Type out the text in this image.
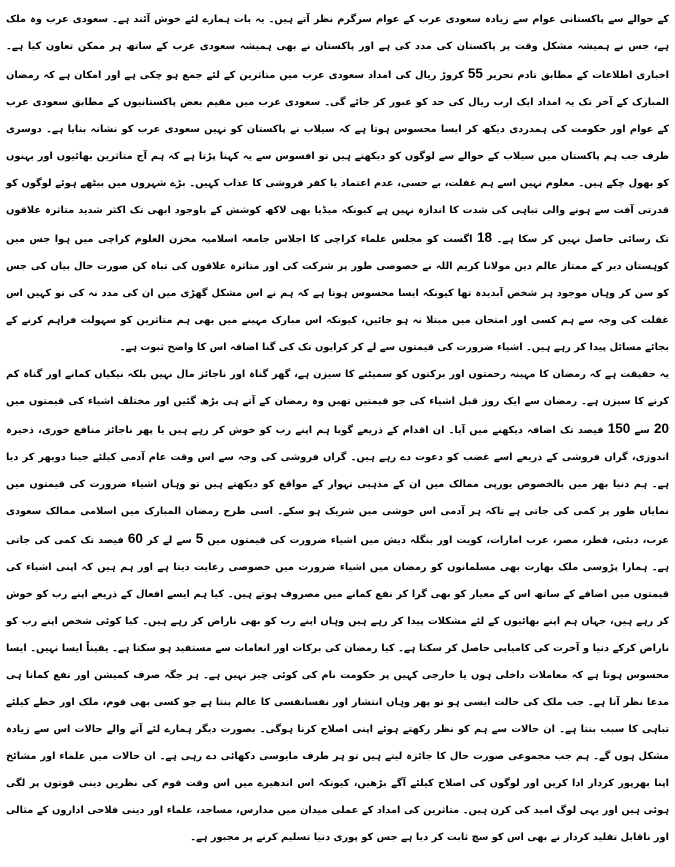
کے حوالے سے پاکستانی عوام سے زیادہ سعودی عرب کے عوام سرگرم نظر آتے ہیں۔ یہ بات ہمارے لئے خوش آئند ہے۔ سعودی عرب وہ ملک ہے، جس نے ہمیشہ مشکل وقت پر پاکستان کی مدد کی ہے اور پاکستان نے بھی ہمیشہ سعودی عرب کے ساتھ ہر ممکن تعاون کیا ہے۔ اخباری اطلاعات کے مطابق تادم تحریر 55 کروڑ ریال کی امداد سعودی عرب میں متاثرین کے لئے جمع ہو چکی ہے اور امکان ہے کہ رمضان المبارک کے آخر تک یہ امداد ایک ارب ریال کی حد کو عبور کر جائے گی۔ سعودی عرب میں مقیم بعض پاکستانیوں کے مطابق سعودی عرب کے عوام اور حکومت کی ہمدردی دیکھ کر ایسا محسوس ہوتا ہے کہ سیلاب نے پاکستان کو نہیں سعودی عرب کو نشانہ بنایا ہے۔ دوسری طرف جب ہم پاکستان میں سیلاب کے حوالے سے لوگوں کو دیکھتے ہیں تو افسوس سے یہ کہنا پڑتا ہے کہ ہم آج متاثرین بھائیوں اور بہنوں کو بھول چکے ہیں۔ معلوم نہیں اسے ہم غفلت، بے حسی، عدم اعتماد یا کفر فروشی کا عذاب کہیں۔ بڑے شہروں میں بیٹھے ہوئے لوگوں کو قدرتی آفت سے ہونے والی تباہی کی شدت کا اندازہ نہیں ہے کیونکہ میڈیا بھی لاکھ کوشش کے باوجود ابھی تک اکثر شدید متاثرہ علاقوں تک رسائی حاصل نہیں کر سکا ہے۔ 18 اگست کو مجلس علماء کراچی کا اجلاس جامعہ اسلامیہ مخزن العلوم کراچی میں ہوا جس میں کوہستان دیر کے ممتاز عالم دین مولانا کریم اللہ نے خصوصی طور پر شرکت کی اور متاثرہ علاقوں کی تباہ کن صورت حال بیان کی جس کو سن کر وہاں موجود ہر شخص آبدیدہ تھا کیونکہ ایسا محسوس ہوتا ہے کہ ہم نے اس مشکل گھڑی میں ان کی مدد نہ کی تو کہیں اس غفلت کی وجہ سے ہم کسی اور امتحان میں مبتلا نہ ہو جائیں، کیونکہ اس مبارک مہینے میں بھی ہم متاثرین کو سہولت فراہم کرنے کے بجائے مسائل پیدا کر رہے ہیں۔ اشیاء ضرورت کی قیمتوں سے لے کر کرایوں تک کی گنا اضافہ اس کا واضح ثبوت ہے۔

یہ حقیقت ہے کہ رمضان کا مہینہ رحمتوں اور برکتوں کو سمیٹنے کا سیزن ہے، گھر گناہ اور ناجائز مال نہیں بلکہ نیکیاں کمانے اور گناہ کم کرنے کا سیزن ہے۔ رمضان سے ایک روز قبل اشیاء کی جو قیمتیں تھیں وہ رمضان کے آتے ہی بڑھ گئیں اور مختلف اشیاء کی قیمتوں میں 20 سے 150 فیصد تک اضافہ دیکھنے میں آیا۔ ان اقدام کے ذریعے گویا ہم اپنے رب کو خوش کر رہے ہیں یا پھر ناجائز منافع خوری، ذخیرہ اندوزی، گراں فروشی کے ذریعے اسے غضب کو دعوت دے رہے ہیں۔ گراں فروشی کی وجہ سے اس وقت عام آدمی کیلئے جینا دوبھر کر دیا ہے۔ ہم دنیا بھر میں بالخصوص یورپی ممالک میں ان کے مذہبی تہوار کے مواقع کو دیکھتے ہیں تو وہاں اشیاء ضرورت کی قیمتوں میں نمایاں طور پر کمی کی جاتی ہے تاکہ ہر آدمی اس خوشی میں شریک ہو سکے۔ اسی طرح رمضان المبارک میں اسلامی ممالک سعودی عرب، دبئی، قطر، مصر، عرب امارات، کویت اور بنگلہ دیش میں اشیاء ضرورت کی قیمتوں میں 5 سے لے کر 60 فیصد تک کمی کی جاتی ہے۔ ہمارا پڑوسی ملک بھارت بھی مسلمانوں کو رمضان میں اشیاء ضرورت میں خصوصی رعایت دیتا ہے اور ہم ہیں کہ اپنی اشیاء کی قیمتوں میں اضافے کے ساتھ اس کے معیار کو بھی گرا کر نفع کمانے میں مصروف ہوتے ہیں۔ کیا ہم ایسے افعال کے ذریعے اپنے رب کو خوش کر رہے ہیں، جہاں ہم اپنے بھائیوں کے لئے مشکلات پیدا کر رہے ہیں وہاں اپنے رب کو بھی ناراض کر رہے ہیں۔ کیا کوئی شخص اپنے رب کو ناراض کرکے دنیا و آخرت کی کامیابی حاصل کر سکتا ہے۔ کیا رمضان کی برکات اور انعامات سے مستفید ہو سکتا ہے۔ یقیناً ایسا نہیں۔ ایسا محسوس ہوتا ہے کہ معاملات داخلی ہوں یا خارجی کہیں پر حکومت نام کی کوئی چیز نہیں ہے۔ ہر جگہ صرف کمیشن اور نفع کمانا ہی مدعا نظر آتا ہے۔ جب ملک کی حالت ایسی ہو تو پھر وہاں انتشار اور نفسانفسی کا عالم بنتا ہے جو کسی بھی قوم، ملک اور خطے کیلئے تباہی کا سبب بنتا ہے۔ ان حالات سے ہم کو نظر رکھتے ہوئے اپنی اصلاح کرنا ہوگی۔ بصورت دیگر ہمارے لئے آنے والے حالات اس سے زیادہ مشکل ہوں گے۔ ہم جب مجموعی صورت حال کا جائزہ لیتے ہیں تو ہر طرف مایوسی دکھائی دے رہی ہے۔ ان حالات میں علماء اور مشائخ اپنا بھرپور کردار ادا کریں اور لوگوں کی اصلاح کیلئے آگے بڑھیں، کیونکہ اس اندھیرے میں اس وقت قوم کی نظریں دینی قوتوں پر لگی ہوئی ہیں اور یہی لوگ امید کی کرن ہیں۔ متاثرین کی امداد کے عملی میدان میں مدارس، مساجد، علماء اور دینی فلاحی اداروں کے مثالی اور ناقابل تقلید کردار نے بھی اس کو سچ ثابت کر دیا ہے جس کو پوری دنیا تسلیم کرنے پر مجبور ہے۔
